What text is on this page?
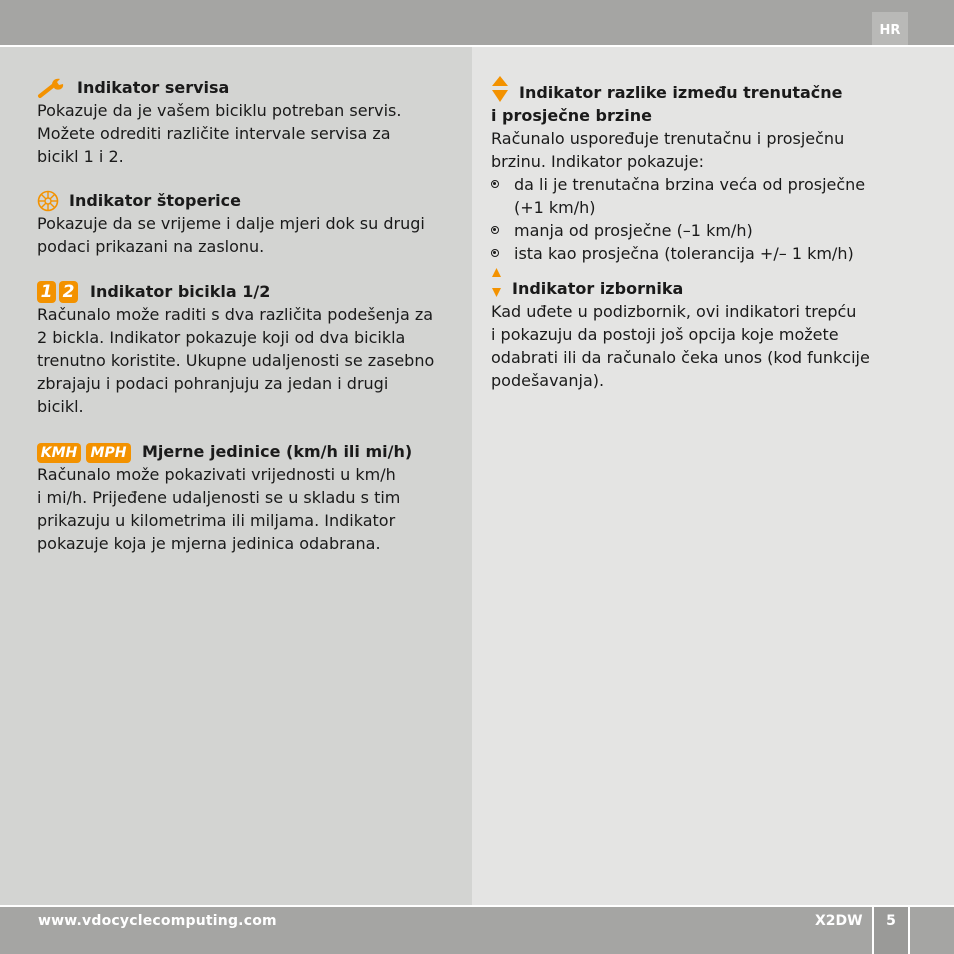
HR
Indikator servisa

Pokazuje da je vašem biciklu potreban servis.

Možete odrediti različite intervale servisa za

bicikl 1 i 2.

Indikator štoperice

Pokazuje da se vrijeme i dalje mjeri dok su drugi

podaci prikazani na zaslonu.

1 2 Indikator bicikla 1/2

Računalo može raditi s dva različita podešenja za

2 bickla. Indikator pokazuje koji od dva bicikla

trenutno koristite. Ukupne udaljenosti se zasebno

zbrajaju i podaci pohranjuju za jedan i drugi

bicikl.

KMH MPH Mjerne jedinice (km/h ili mi/h)

Računalo može pokazivati vrijednosti u km/h

i mi/h. Prijeđene udaljenosti se u skladu s tim

prikazuju u kilometrima ili miljama. Indikator

pokazuje koja je mjerna jedinica odabrana.

Indikator razlike između trenutačne
i prosječne brzine

Računalo uspoređuje trenutačnu i prosječnu

brzinu. Indikator pokazuje:

da li je trenutačna brzina veća od prosječne
(+1 km/h)
manja od prosječne (–1 km/h)
ista kao prosječna (tolerancija +/– 1 km/h)
Indikator izbornika

Kad uđete u podizbornik, ovi indikatori trepću

i pokazuju da postoji još opcija koje možete

odabrati ili da računalo čeka unos (kod funkcije

podešavanja).

www.vdocyclecomputing.com	X2DW	5
